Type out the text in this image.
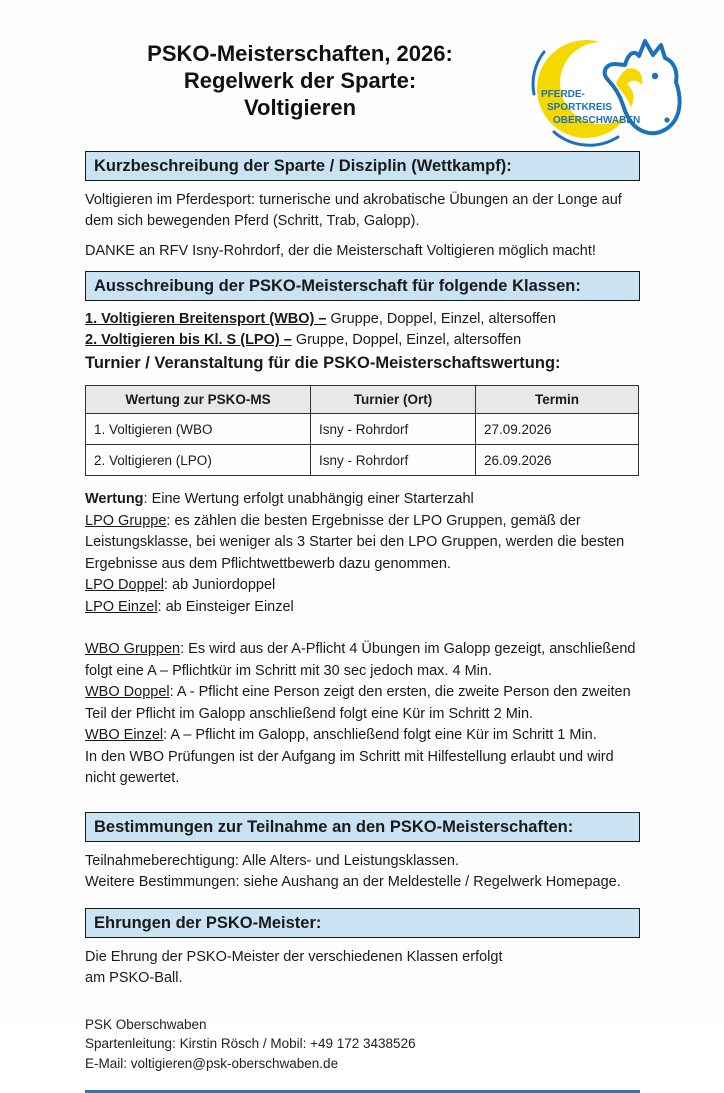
PSKO-Meisterschaften, 2026:
Regelwerk der Sparte:
Voltigieren
PFERDE-
SPORTKREIS
OBERSCHWABEN
Kurzbeschreibung der Sparte / Disziplin (Wettkampf):
Voltigieren im Pferdesport: turnerische und akrobatische Übungen an der Longe auf dem sich bewegenden Pferd (Schritt, Trab, Galopp).
DANKE an RFV Isny-Rohrdorf, der die Meisterschaft Voltigieren möglich macht!
Ausschreibung der PSKO-Meisterschaft für folgende Klassen:
1. Voltigieren Breitensport (WBO) – Gruppe, Doppel, Einzel, altersoffen
2. Voltigieren bis Kl. S (LPO) – Gruppe, Doppel, Einzel, altersoffen
Turnier / Veranstaltung für die PSKO-Meisterschaftswertung:
Wertung zur PSKO-MS	Turnier (Ort)	Termin
1. Voltigieren (WBO	Isny - Rohrdorf	27.09.2026
2. Voltigieren (LPO)	Isny - Rohrdorf	26.09.2026
Wertung: Eine Wertung erfolgt unabhängig einer Starterzahl
LPO Gruppe: es zählen die besten Ergebnisse der LPO Gruppen, gemäß der Leistungsklasse, bei weniger als 3 Starter bei den LPO Gruppen, werden die besten Ergebnisse aus dem Pflichtwettbewerb dazu genommen.
LPO Doppel: ab Juniordoppel
LPO Einzel: ab Einsteiger Einzel
WBO Gruppen: Es wird aus der A-Pflicht 4 Übungen im Galopp gezeigt, anschließend folgt eine A – Pflichtkür im Schritt mit 30 sec jedoch max. 4 Min.
WBO Doppel: A - Pflicht eine Person zeigt den ersten, die zweite Person den zweiten Teil der Pflicht im Galopp anschließend folgt eine Kür im Schritt 2 Min.
WBO Einzel: A – Pflicht im Galopp, anschließend folgt eine Kür im Schritt 1 Min.
In den WBO Prüfungen ist der Aufgang im Schritt mit Hilfestellung erlaubt und wird nicht gewertet.
Bestimmungen zur Teilnahme an den PSKO-Meisterschaften:
Teilnahmeberechtigung: Alle Alters- und Leistungsklassen.
Weitere Bestimmungen: siehe Aushang an der Meldestelle / Regelwerk Homepage.
Ehrungen der PSKO-Meister:
Die Ehrung der PSKO-Meister der verschiedenen Klassen erfolgt
am PSKO-Ball.
PSK Oberschwaben
Spartenleitung: Kirstin Rösch / Mobil: +49 172 3438526
E-Mail: voltigieren@psk-oberschwaben.de
